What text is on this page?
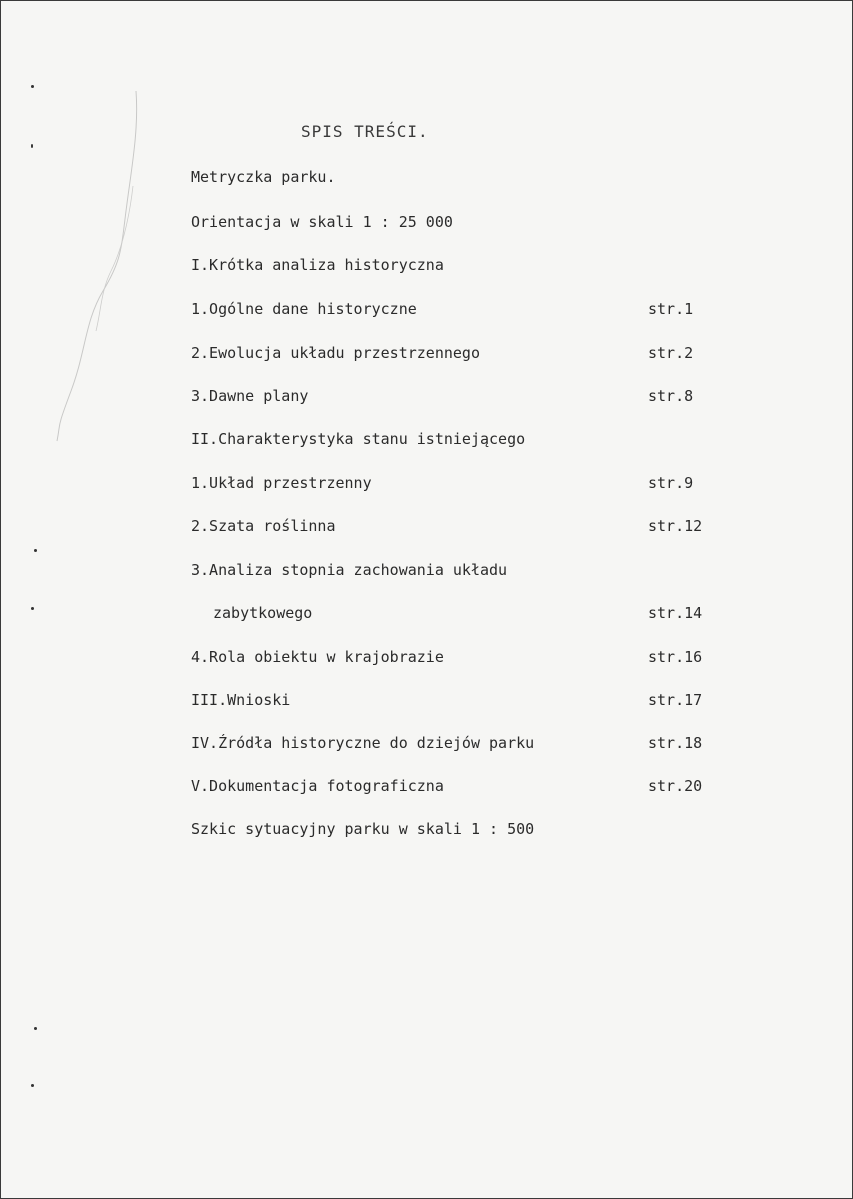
SPIS TREŚCI.
Metryczka parku.
Orientacja w skali 1 : 25 000
I.Krótka analiza historyczna
1.Ogólne dane historyczne	str.1
2.Ewolucja układu przestrzennego	str.2
3.Dawne plany	str.8
II.Charakterystyka stanu istniejącego
1.Układ przestrzenny	str.9
2.Szata roślinna	str.12
3.Analiza stopnia zachowania układu
zabytkowego	str.14
4.Rola obiektu w krajobrazie	str.16
III.Wnioski	str.17
IV.Źródła historyczne do dziejów parku	str.18
V.Dokumentacja fotograficzna	str.20
Szkic sytuacyjny parku w skali 1 : 500
